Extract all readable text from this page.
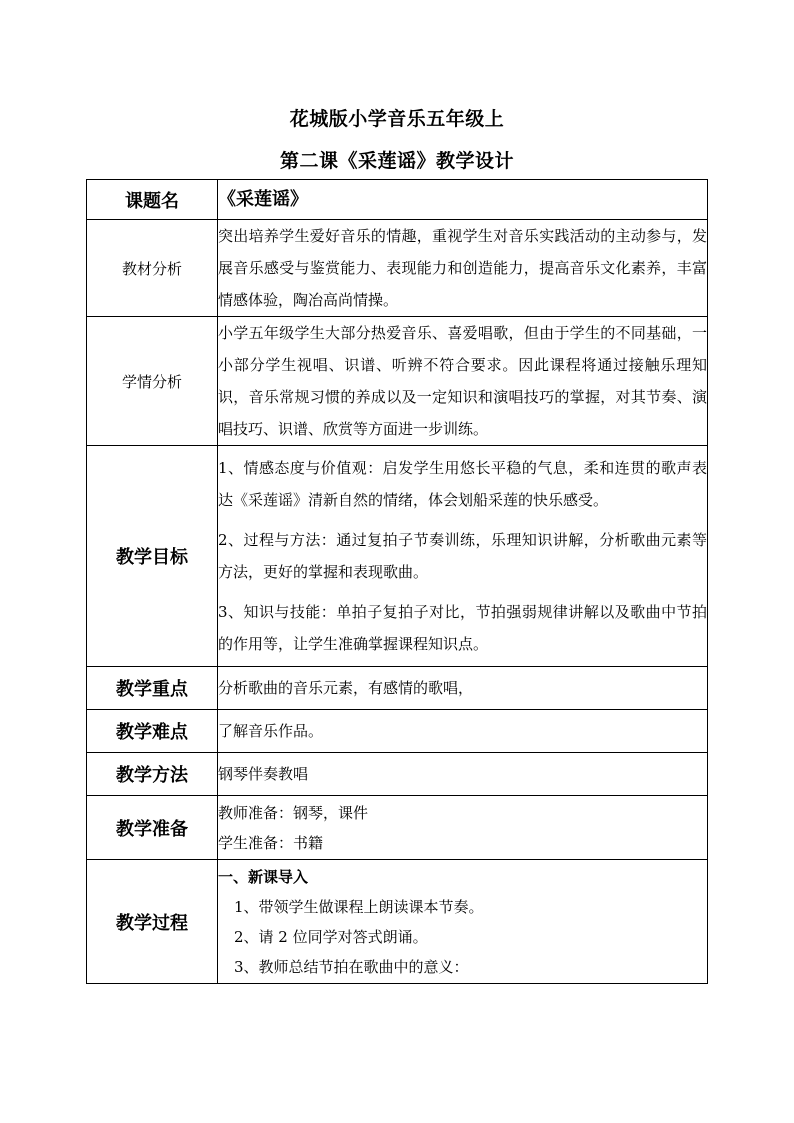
花城版小学音乐五年级上
第二课《采莲谣》教学设计
课题名	《采莲谣》
教材分析	突出培养学生爱好音乐的情趣，重视学生对音乐实践活动的主动参与，发展音乐感受与鉴赏能力、表现能力和创造能力，提高音乐文化素养，丰富情感体验，陶冶高尚情操。
学情分析	小学五年级学生大部分热爱音乐、喜爱唱歌，但由于学生的不同基础，一小部分学生视唱、识谱、听辨不符合要求。因此课程将通过接触乐理知识，音乐常规习惯的养成以及一定知识和演唱技巧的掌握，对其节奏、演唱技巧、识谱、欣赏等方面进一步训练。
教学目标	1、情感态度与价值观：启发学生用悠长平稳的气息，柔和连贯的歌声表达《采莲谣》清新自然的情绪，体会划船采莲的快乐感受。

2、过程与方法：通过复拍子节奏训练，乐理知识讲解，分析歌曲元素等方法，更好的掌握和表现歌曲。

3、知识与技能：单拍子复拍子对比，节拍强弱规律讲解以及歌曲中节拍的作用等，让学生准确掌握课程知识点。

教学重点	分析歌曲的音乐元素，有感情的歌唱，
教学难点	了解音乐作品。
教学方法	钢琴伴奏教唱
教学准备	教师准备：钢琴，课件

学生准备：书籍

教学过程	一、新课导入

1、带领学生做课程上朗读课本节奏。

2、请 2 位同学对答式朗诵。

3、教师总结节拍在歌曲中的意义：
